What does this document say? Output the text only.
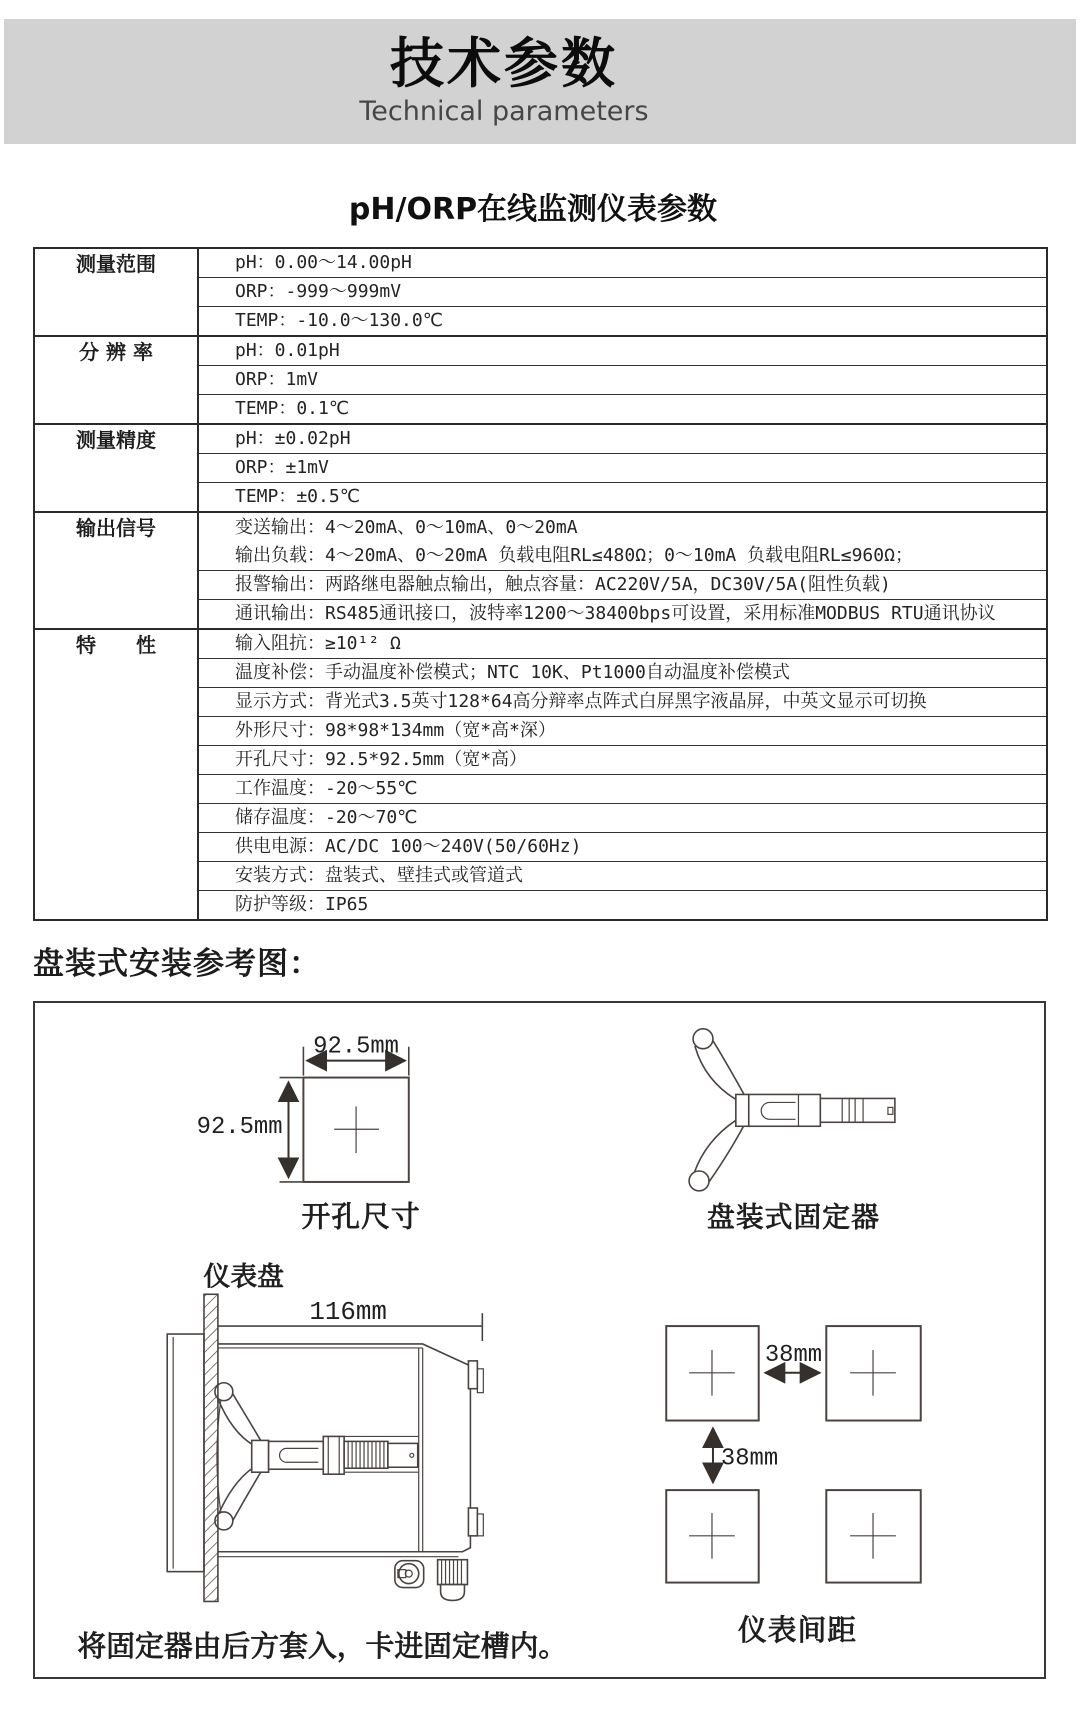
技术参数
Technical parameters
pH/ORP在线监测仪表参数
测量范围	pH：0.00～14.00pH
	ORP：-999～999mV
	TEMP：-10.0～130.0℃
分 辨 率	pH：0.01pH
	ORP：1mV
	TEMP：0.1℃
测量精度	pH：±0.02pH
	ORP：±1mV
	TEMP：±0.5℃
输出信号	变送输出：4～20mA、0～10mA、0～20mA
输出负载：4～20mA、0～20mA 负载电阻RL≤480Ω；0～10mA 负载电阻RL≤960Ω；

	报警输出：两路继电器触点输出，触点容量：AC220V/5A，DC30V/5A(阻性负载)
	通讯输出：RS485通讯接口，波特率1200～38400bps可设置，采用标准MODBUS RTU通讯协议
特　　性	输入阻抗：≥10¹² Ω
	温度补偿：手动温度补偿模式；NTC 10K、Pt1000自动温度补偿模式
	显示方式：背光式3.5英寸128*64高分辩率点阵式白屏黑字液晶屏，中英文显示可切换
	外形尺寸：98*98*134mm（宽*高*深）
	开孔尺寸：92.5*92.5mm（宽*高）
	工作温度：-20～55℃
	储存温度：-20～70℃
	供电电源：AC/DC 100～240V(50/60Hz)
	安装方式：盘装式、壁挂式或管道式
	防护等级：IP65
盘装式安装参考图：
92.5mm
92.5mm
开孔尺寸	盘装式固定器
仪表盘
116mm
38mm
38mm
仪表间距
将固定器由后方套入，卡进固定槽内。
